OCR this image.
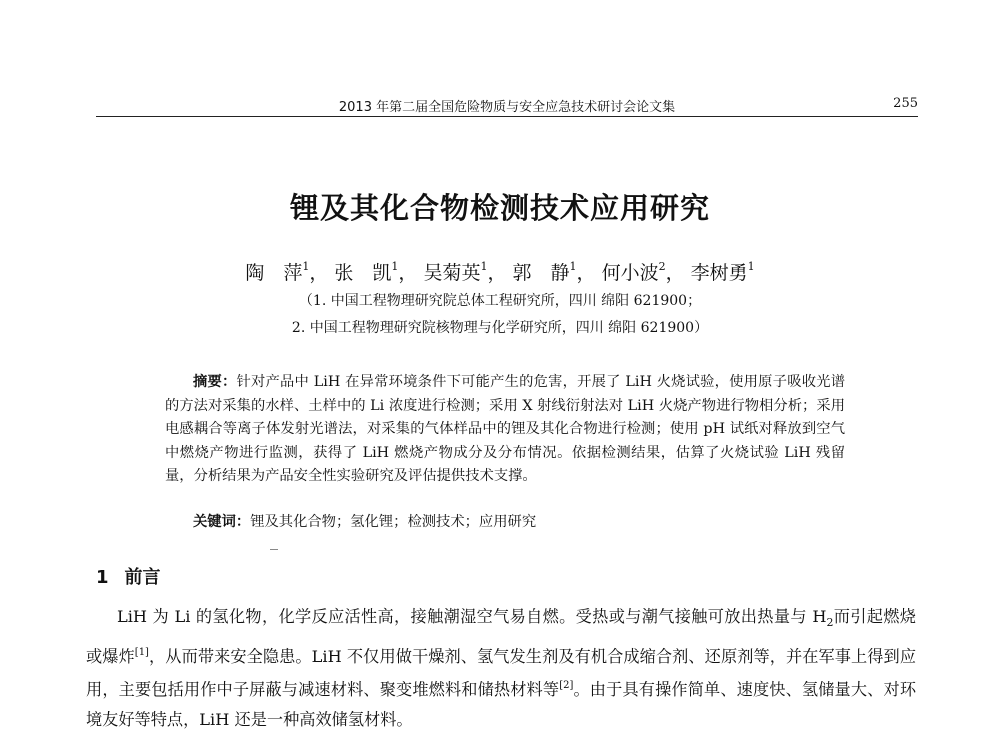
2013 年第二届全国危险物质与安全应急技术研讨会论文集	255
锂及其化合物检测技术应用研究
陶　萍$^1$， 张　凯$^1$， 吴菊英$^1$， 郭　静$^1$， 何小波$^2$， 李树勇$^1$
（1. 中国工程物理研究院总体工程研究所，四川 绵阳 621900；
2. 中国工程物理研究院核物理与化学研究所，四川 绵阳 621900）
摘要：针对产品中 LiH 在异常环境条件下可能产生的危害，开展了 LiH 火烧试验，使用原子吸收光谱的方法对采集的水样、土样中的 Li 浓度进行检测；采用 X 射线衍射法对 LiH 火烧产物进行物相分析；采用电感耦合等离子体发射光谱法，对采集的气体样品中的锂及其化合物进行检测；使用 pH 试纸对释放到空气中燃烧产物进行监测，获得了 LiH 燃烧产物成分及分布情况。依据检测结果，估算了火烧试验 LiH 残留量，分析结果为产品安全性实验研究及评估提供技术支撑。
关键词：锂及其化合物；氢化锂；检测技术；应用研究
1 前言
LiH 为 Li 的氢化物，化学反应活性高，接触潮湿空气易自燃。受热或与潮气接触可放出热量与 $H_2$而引起燃烧或爆炸[1]，从而带来安全隐患。LiH 不仅用做干燥剂、氢气发生剂及有机合成缩合剂、还原剂等，并在军事上得到应用，主要包括用作中子屏蔽与减速材料、聚变堆燃料和储热材料等[2]。由于具有操作简单、速度快、氢储量大、对环境友好等特点，LiH 还是一种高效储氢材料。
